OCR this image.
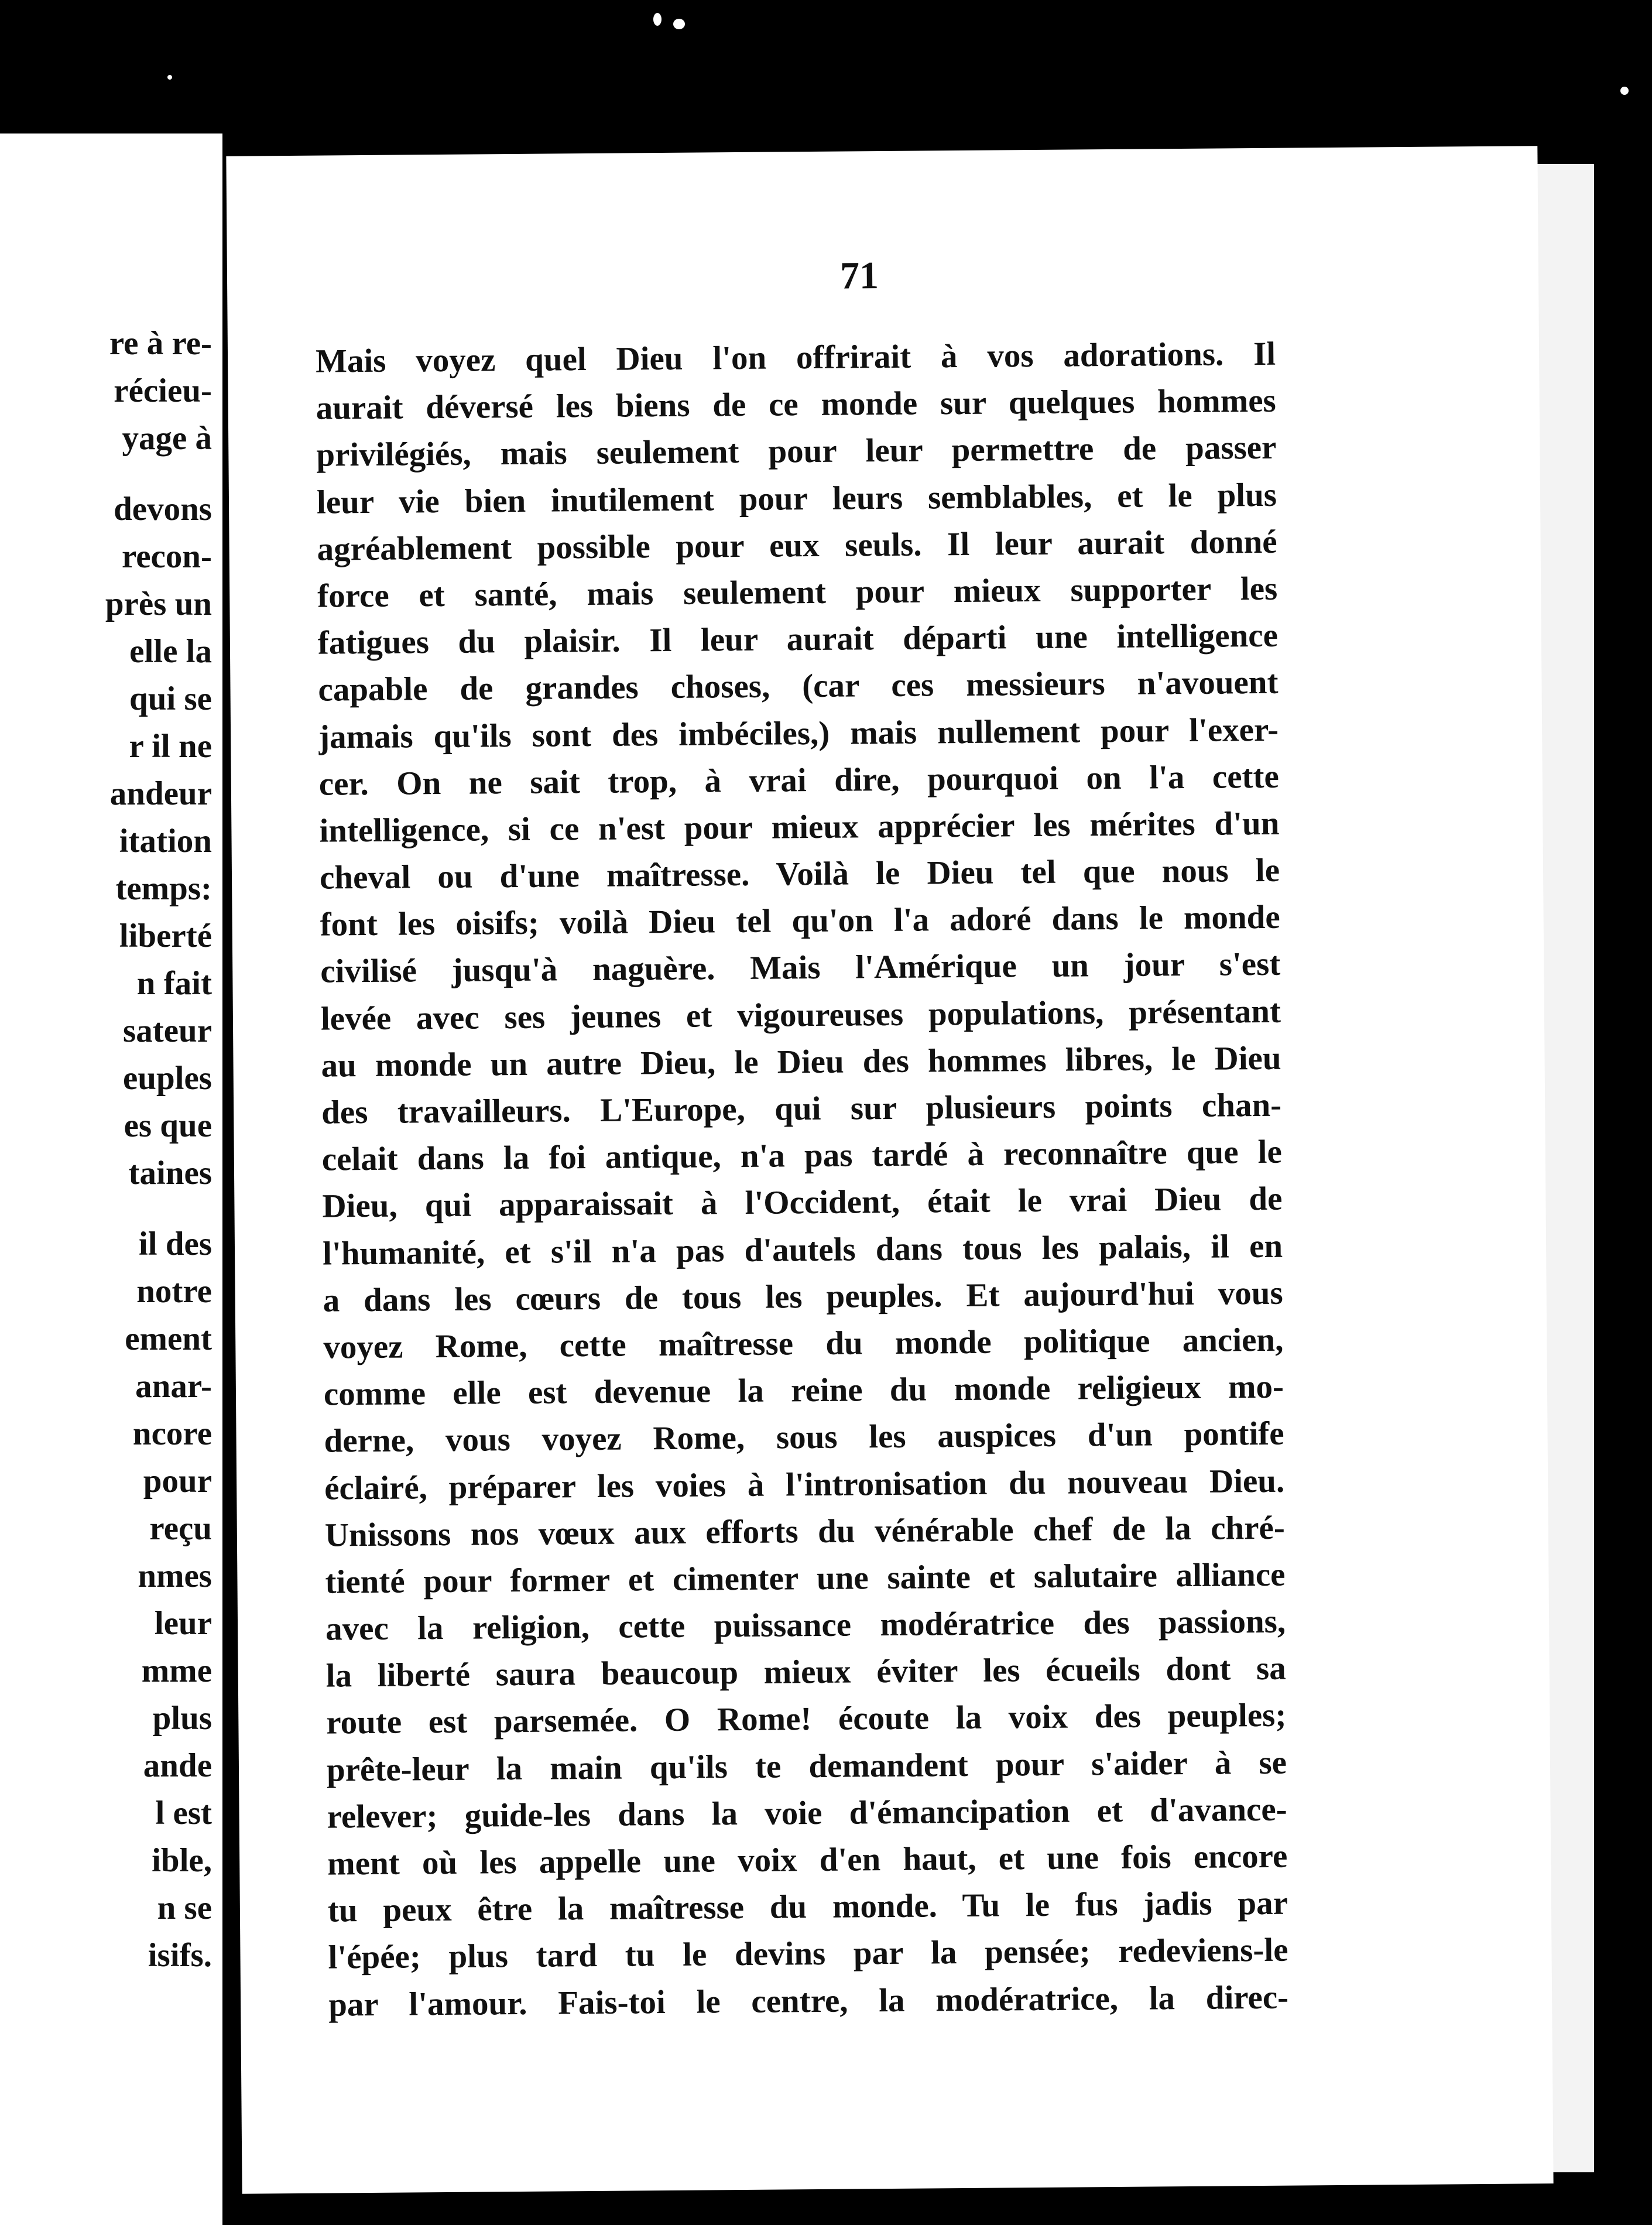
re à re-
récieu-
yage à
devons
recon-
près un
elle la
qui se
r il ne
andeur
itation
temps:
liberté
n fait
sateur
euples
es que
taines
il des
notre
ement
anar-
ncore
pour
reçu
nmes
leur
mme
plus
ande
l est
ible,
n se
isifs.
71
Mais voyez quel Dieu l'on offrirait à vos adorations. Il
aurait déversé les biens de ce monde sur quelques hommes
privilégiés, mais seulement pour leur permettre de passer
leur vie bien inutilement pour leurs semblables, et le plus
agréablement possible pour eux seuls. Il leur aurait donné
force et santé, mais seulement pour mieux supporter les
fatigues du plaisir. Il leur aurait départi une intelligence
capable de grandes choses, (car ces messieurs n'avouent
jamais qu'ils sont des imbéciles,) mais nullement pour l'exer-
cer. On ne sait trop, à vrai dire, pourquoi on l'a cette
intelligence, si ce n'est pour mieux apprécier les mérites d'un
cheval ou d'une maîtresse. Voilà le Dieu tel que nous le
font les oisifs; voilà Dieu tel qu'on l'a adoré dans le monde
civilisé jusqu'à naguère. Mais l'Amérique un jour s'est
levée avec ses jeunes et vigoureuses populations, présentant
au monde un autre Dieu, le Dieu des hommes libres, le Dieu
des travailleurs. L'Europe, qui sur plusieurs points chan-
celait dans la foi antique, n'a pas tardé à reconnaître que le
Dieu, qui apparaissait à l'Occident, était le vrai Dieu de
l'humanité, et s'il n'a pas d'autels dans tous les palais, il en
a dans les cœurs de tous les peuples. Et aujourd'hui vous
voyez Rome, cette maîtresse du monde politique ancien,
comme elle est devenue la reine du monde religieux mo-
derne, vous voyez Rome, sous les auspices d'un pontife
éclairé, préparer les voies à l'intronisation du nouveau Dieu.
Unissons nos vœux aux efforts du vénérable chef de la chré-
tienté pour former et cimenter une sainte et salutaire alliance
avec la religion, cette puissance modératrice des passions,
la liberté saura beaucoup mieux éviter les écueils dont sa
route est parsemée. O Rome! écoute la voix des peuples;
prête-leur la main qu'ils te demandent pour s'aider à se
relever; guide-les dans la voie d'émancipation et d'avance-
ment où les appelle une voix d'en haut, et une fois encore
tu peux être la maîtresse du monde. Tu le fus jadis par
l'épée; plus tard tu le devins par la pensée; redeviens-le
par l'amour. Fais-toi le centre, la modératrice, la direc-
